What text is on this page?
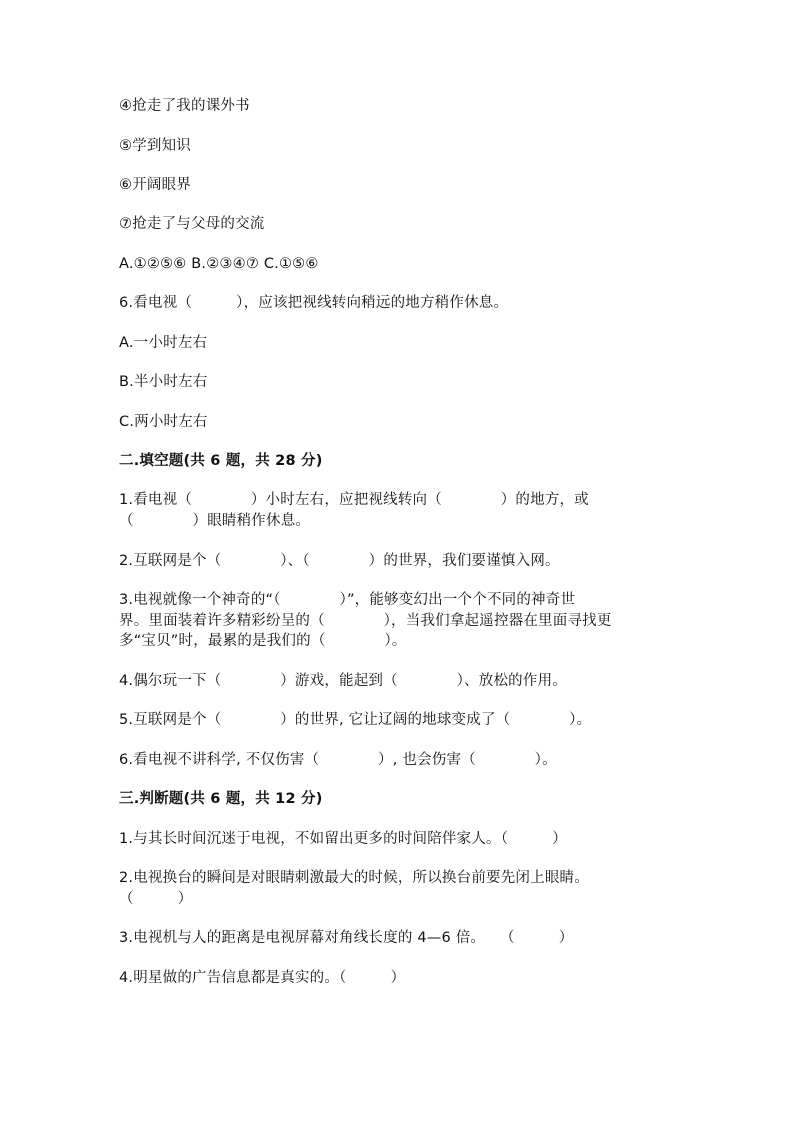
④抢走了我的课外书
⑤学到知识
⑥开阔眼界
⑦抢走了与父母的交流
A.①②⑤⑥ B.②③④⑦ C.①⑤⑥
6.看电视（　　　），应该把视线转向稍远的地方稍作休息。
A.一小时左右
B.半小时左右
C.两小时左右
二.填空题(共 6 题，共 28 分)
1.看电视（　　　　）小时左右，应把视线转向（　　　　）的地方，或
（　　　　）眼睛稍作休息。
2.互联网是个（　　　　）、（　　　　）的世界，我们要谨慎入网。
3.电视就像一个神奇的“（　　　　）”，能够变幻出一个个不同的神奇世
界。里面装着许多精彩纷呈的（　　　　），当我们拿起遥控器在里面寻找更
多“宝贝”时，最累的是我们的（　　　　）。
4.偶尔玩一下（　　　　）游戏，能起到（　　　　）、放松的作用。
5.互联网是个（　　　　）的世界, 它让辽阔的地球变成了（　　　　）。
6.看电视不讲科学, 不仅伤害（　　　　）, 也会伤害（　　　　）。
三.判断题(共 6 题，共 12 分)
1.与其长时间沉迷于电视，不如留出更多的时间陪伴家人。（　　　）
2.电视换台的瞬间是对眼睛刺激最大的时候，所以换台前要先闭上眼睛。
（　　　）
3.电视机与人的距离是电视屏幕对角线长度的 4—6 倍。　　（　　　）
4.明星做的广告信息都是真实的。（　　　）
